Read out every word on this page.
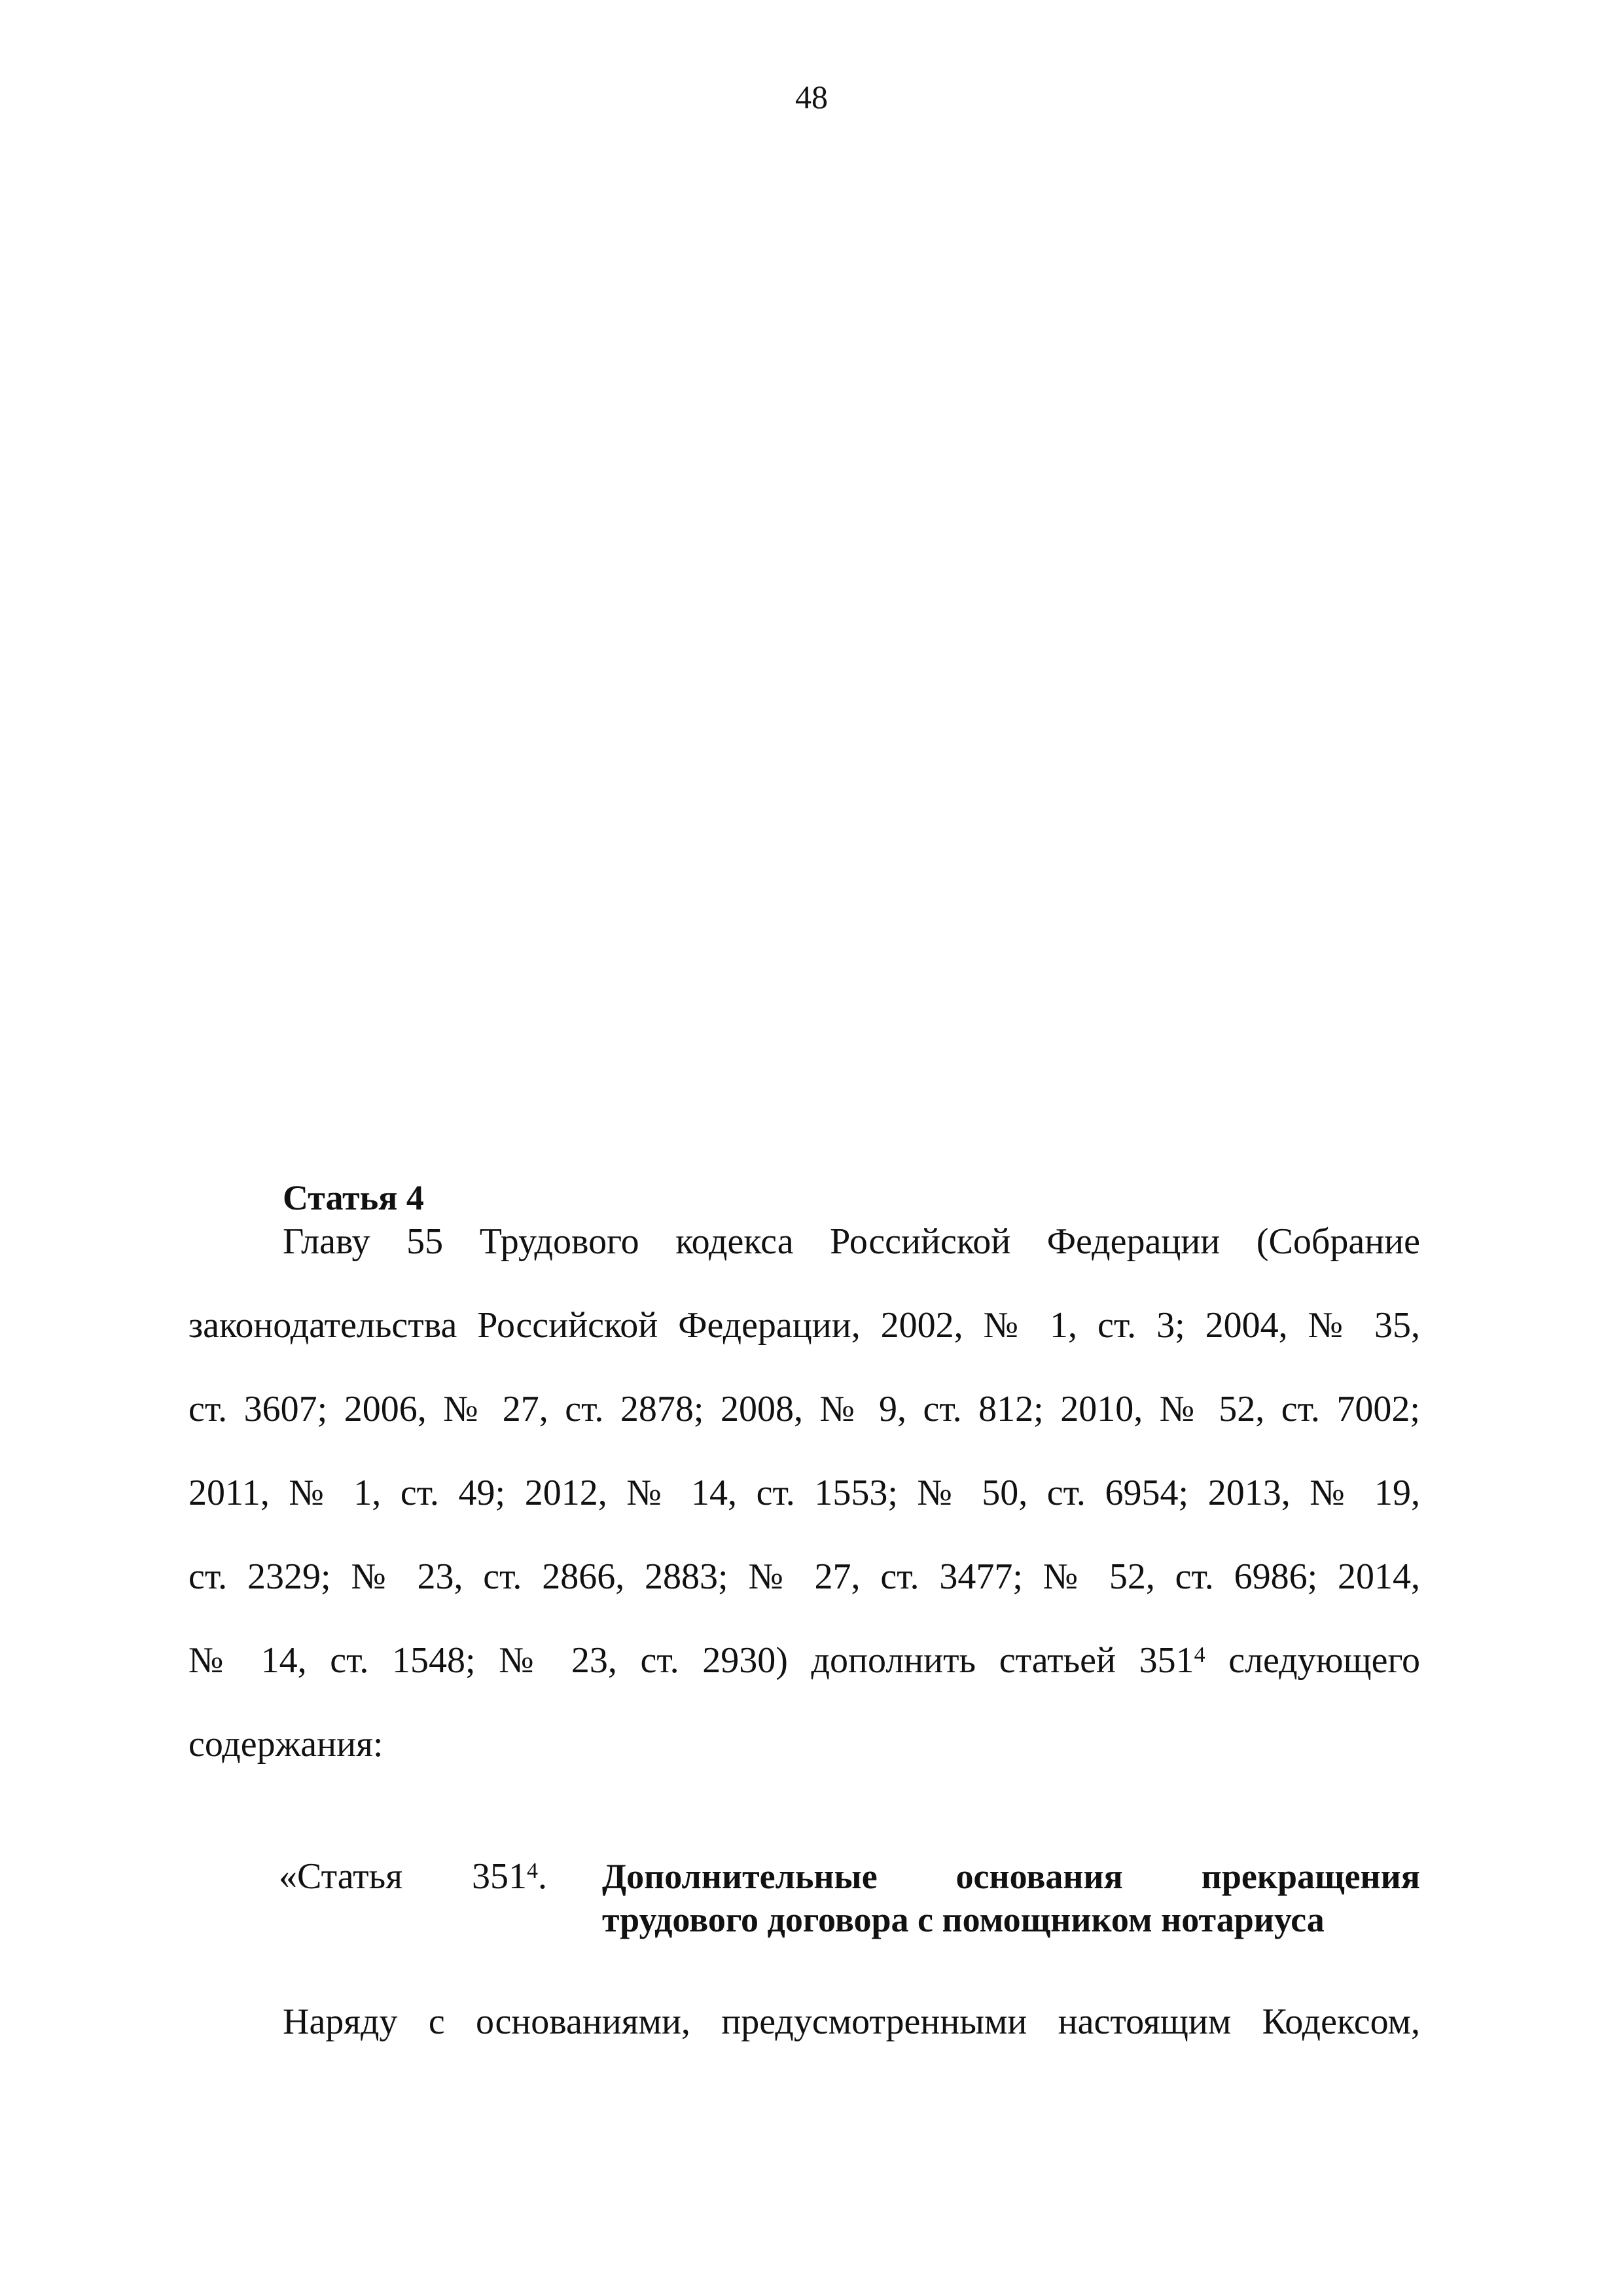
48
Статья 4
Главу 55 Трудового кодекса Российской Федерации (Собрание
законодательства Российской Федерации, 2002, № 1, ст. 3; 2004, № 35,
ст. 3607; 2006, № 27, ст. 2878; 2008, № 9, ст. 812; 2010, № 52, ст. 7002;
2011, № 1, ст. 49; 2012, № 14, ст. 1553; № 50, ст. 6954; 2013, № 19,
ст. 2329; № 23, ст. 2866, 2883; № 27, ст. 3477; № 52, ст. 6986; 2014,
№ 14, ст. 1548; № 23, ст. 2930) дополнить статьей $351^4$ следующего
содержания:
«Статья $351^4$. Дополнительные основания прекращения
трудового договора с помощником нотариуса
Наряду с основаниями, предусмотренными настоящим Кодексом,
